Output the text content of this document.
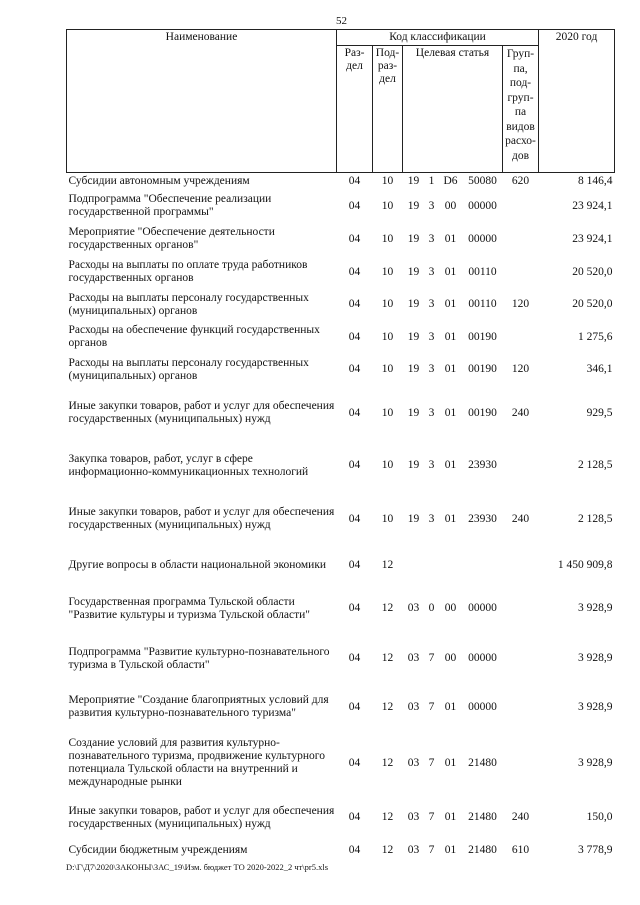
52
Наименование	Код классификации							2020 год
	Раз-дел	Под-раз-дел	Целевая статья				Груп-па, под-груп-па видов расхо-дов	
Субсидии автономным учреждениям	04	10	19	1	D6	50080	620	8 146,4
Подпрограмма "Обеспечение реализации государственной программы"	04	10	19	3	00	00000		23 924,1
Мероприятие "Обеспечение деятельности государственных органов"	04	10	19	3	01	00000		23 924,1
Расходы на выплаты по оплате труда работников государственных органов	04	10	19	3	01	00110		20 520,0
Расходы на выплаты персоналу государственных (муниципальных) органов	04	10	19	3	01	00110	120	20 520,0
Расходы на обеспечение функций государственных органов	04	10	19	3	01	00190		1 275,6
Расходы на выплаты персоналу государственных (муниципальных) органов	04	10	19	3	01	00190	120	346,1
Иные закупки товаров, работ и услуг для обеспечения государственных (муниципальных) нужд	04	10	19	3	01	00190	240	929,5
Закупка товаров, работ, услуг в сфере информационно-коммуникационных технологий	04	10	19	3	01	23930		2 128,5
Иные закупки товаров, работ и услуг для обеспечения государственных (муниципальных) нужд	04	10	19	3	01	23930	240	2 128,5
Другие вопросы в области национальной экономики	04	12						1 450 909,8
Государственная программа Тульской области "Развитие культуры и туризма Тульской области"	04	12	03	0	00	00000		3 928,9
Подпрограмма "Развитие культурно-познавательного туризма в Тульской области"	04	12	03	7	00	00000		3 928,9
Мероприятие "Создание благоприятных условий для развития культурно-познавательного туризма"	04	12	03	7	01	00000		3 928,9
Создание условий для развития культурно-познавательного туризма, продвижение культурного потенциала Тульской области на внутренний и международные рынки	04	12	03	7	01	21480		3 928,9
Иные закупки товаров, работ и услуг для обеспечения государственных (муниципальных) нужд	04	12	03	7	01	21480	240	150,0
Субсидии бюджетным учреждениям	04	12	03	7	01	21480	610	3 778,9
D:\Г\Д7\2020\ЗАКОНЫ\ЗАС_19\Изм. бюджет ТО 2020-2022_2 чт\pr5.xls
